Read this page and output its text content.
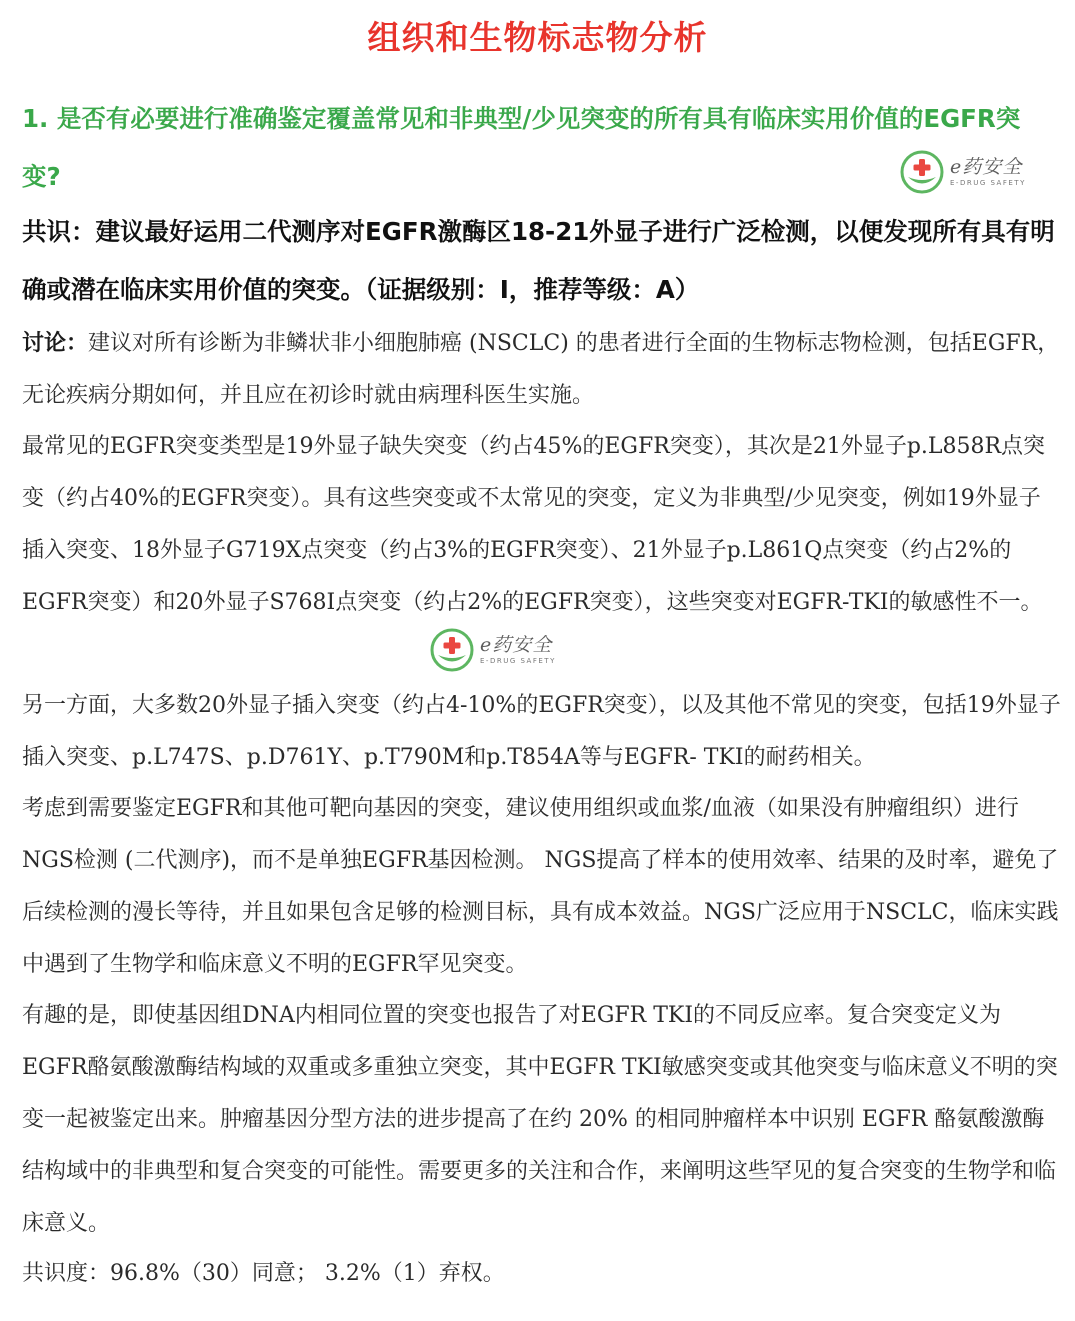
组织和生物标志物分析
1. 是否有必要进行准确鉴定覆盖常见和非典型/少见突变的所有具有临床实用价值的EGFR突变?	e药安全
E-DRUG SAFETY
共识：建议最好运用二代测序对EGFR激酶区18-21外显子进行广泛检测，以便发现所有具有明确或潜在临床实用价值的突变。（证据级别：I，推荐等级：A）
讨论：建议对所有诊断为非鳞状非小细胞肺癌 (NSCLC) 的患者进行全面的生物标志物检测，包括EGFR，无论疾病分期如何，并且应在初诊时就由病理科医生实施。
最常见的EGFR突变类型是19外显子缺失突变（约占45%的EGFR突变），其次是21外显子p.L858R点突变（约占40%的EGFR突变）。具有这些突变或不太常见的突变，定义为非典型/少见突变，例如19外显子插入突变、18外显子G719X点突变（约占3%的EGFR突变）、21外显子p.L861Q点突变（约占2%的EGFR突变）和20外显子S768I点突变（约占2%的EGFR突变），这些突变对EGFR-TKI的敏感性不一。
e药安全
E-DRUG SAFETY
另一方面，大多数20外显子插入突变（约占4-10%的EGFR突变），以及其他不常见的突变，包括19外显子插入突变、p.L747S、p.D761Y、p.T790M和p.T854A等与EGFR- TKI的耐药相关。
考虑到需要鉴定EGFR和其他可靶向基因的突变，建议使用组织或血浆/血液（如果没有肿瘤组织）进行NGS检测 (二代测序)，而不是单独EGFR基因检测。 NGS提高了样本的使用效率、结果的及时率，避免了后续检测的漫长等待，并且如果包含足够的检测目标，具有成本效益。NGS广泛应用于NSCLC，临床实践中遇到了生物学和临床意义不明的EGFR罕见突变。
有趣的是，即使基因组DNA内相同位置的突变也报告了对EGFR TKI的不同反应率。复合突变定义为EGFR酪氨酸激酶结构域的双重或多重独立突变，其中EGFR TKI敏感突变或其他突变与临床意义不明的突变一起被鉴定出来。肿瘤基因分型方法的进步提高了在约 20% 的相同肿瘤样本中识别 EGFR 酪氨酸激酶结构域中的非典型和复合突变的可能性。需要更多的关注和合作，来阐明这些罕见的复合突变的生物学和临床意义。
共识度：96.8%（30）同意； 3.2%（1）弃权。
